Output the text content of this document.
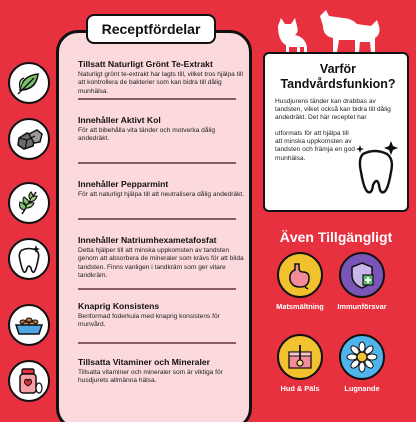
Receptfördelar
Tillsatt Naturligt Grönt Te-Extrakt

Naturligt grönt te-extrakt har lagts till, vilket tros hjälpa till att kontrollera de bakterier som kan bidra till dålig munhälsa.

Innehåller Aktivt Kol

För att bibehålla vita tänder och motverka dålig andedräkt.

Innehåller Pepparmint

För att naturligt hjälpa till att neutralisera dålig andedräkt.

Innehåller Natriumhexametafosfat

Detta hjälper till att minska uppkomsten av tandsten genom att absorbera de mineraler som krävs för att bilda tandsten. Finns vanligen i tandkräm som ger vitare tandkräm.

Knaprig Konsistens

Benformad foderkula med knaprig konsistens för munvård.

Tillsatta Vitaminer och Mineraler

Tillsatta vitaminer och mineraler som är viktiga för husdjurets allmänna hälsa.

Varför
Tandvårdsfunkion?
Husdjurens tänder kan drabbas av tandsten, vilket också kan bidra till dålig andedräkt. Det här receptet har
utformats för att hjälpa till att minska uppkomsten av tandsten och främja en god munhälsa.
Även Tillgängligt
Matsmältning	Immunförsvar
Hud & Päls	Lugnande
